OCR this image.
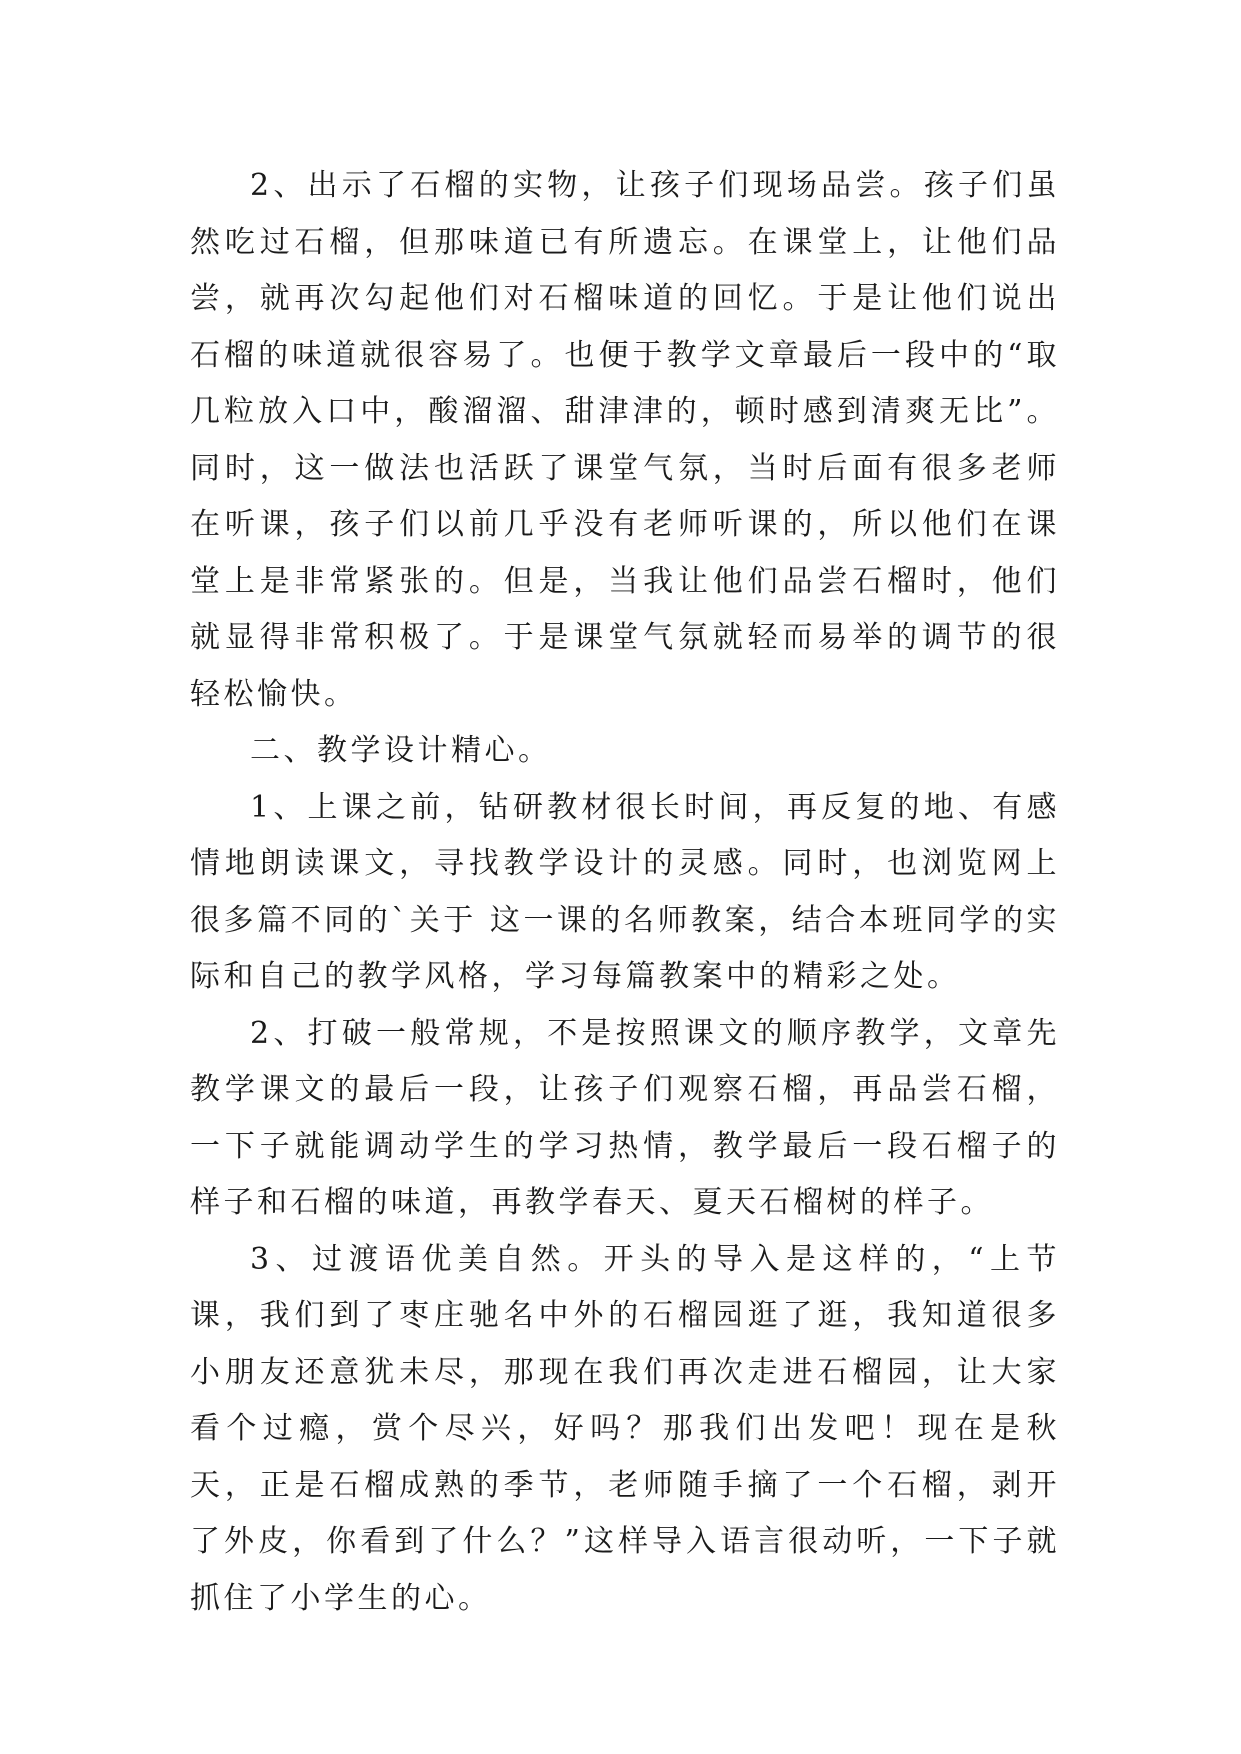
2、出示了石榴的实物，让孩子们现场品尝。孩子们虽然吃过石榴，但那味道已有所遗忘。在课堂上，让他们品尝，就再次勾起他们对石榴味道的回忆。于是让他们说出石榴的味道就很容易了。也便于教学文章最后一段中的“取几粒放入口中，酸溜溜、甜津津的，顿时感到清爽无比”。同时，这一做法也活跃了课堂气氛，当时后面有很多老师在听课，孩子们以前几乎没有老师听课的，所以他们在课堂上是非常紧张的。但是，当我让他们品尝石榴时，他们就显得非常积极了。于是课堂气氛就轻而易举的调节的很轻松愉快。

二、教学设计精心。

1、上课之前，钻研教材很长时间，再反复的地、有感情地朗读课文，寻找教学设计的灵感。同时，也浏览网上很多篇不同的`关于 这一课的名师教案，结合本班同学的实际和自己的教学风格，学习每篇教案中的精彩之处。

2、打破一般常规，不是按照课文的顺序教学，文章先教学课文的最后一段，让孩子们观察石榴，再品尝石榴，一下子就能调动学生的学习热情，教学最后一段石榴子的样子和石榴的味道，再教学春天、夏天石榴树的样子。

3、过渡语优美自然。开头的导入是这样的，“上节课，我们到了枣庄驰名中外的石榴园逛了逛，我知道很多小朋友还意犹未尽，那现在我们再次走进石榴园，让大家看个过瘾，赏个尽兴，好吗？那我们出发吧！现在是秋天，正是石榴成熟的季节，老师随手摘了一个石榴，剥开了外皮，你看到了什么？”这样导入语言很动听，一下子就抓住了小学生的心。
